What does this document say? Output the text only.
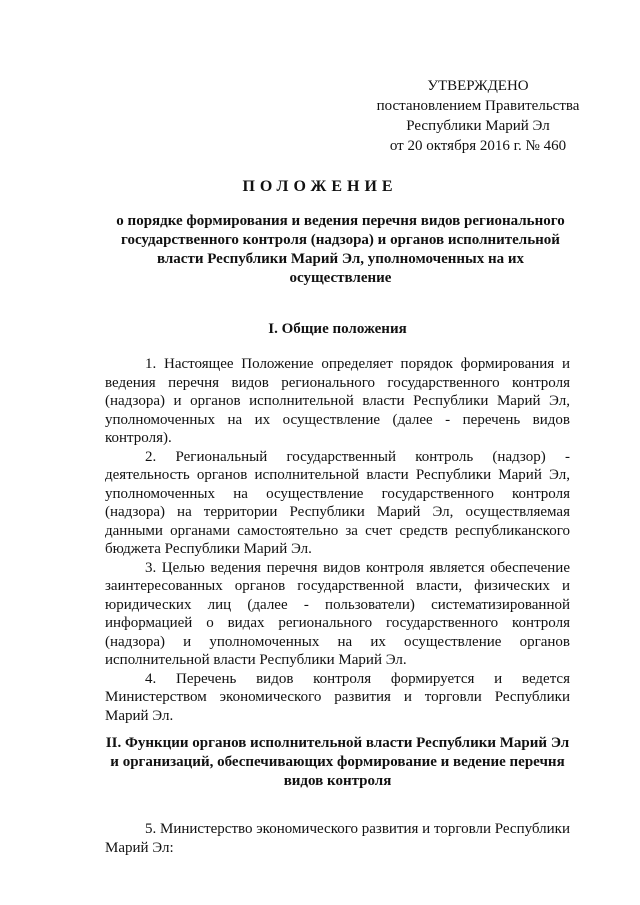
УТВЕРЖДЕНО
постановлением Правительства
Республики Марий Эл
от 20 октября 2016 г. № 460
ПОЛОЖЕНИЕ
о порядке формирования и ведения перечня видов регионального государственного контроля (надзора) и органов исполнительной власти Республики Марий Эл, уполномоченных на их осуществление
I. Общие положения

1. Настоящее Положение определяет порядок формирования и ведения перечня видов регионального государственного контроля (надзора) и органов исполнительной власти Республики Марий Эл, уполномоченных на их осуществление (далее - перечень видов контроля).

2. Региональный государственный контроль (надзор) - деятельность органов исполнительной власти Республики Марий Эл, уполномоченных на осуществление государственного контроля (надзора) на территории Республики Марий Эл, осуществляемая данными органами самостоятельно за счет средств республиканского бюджета Республики Марий Эл.

3. Целью ведения перечня видов контроля является обеспечение заинтересованных органов государственной власти, физических и юридических лиц (далее - пользователи) систематизированной информацией о видах регионального государственного контроля (надзора) и уполномоченных на их осуществление органов исполнительной власти Республики Марий Эл.

4. Перечень видов контроля формируется и ведется Министерством экономического развития и торговли Республики Марий Эл.

II. Функции органов исполнительной власти Республики Марий Эл и организаций, обеспечивающих формирование и ведение перечня видов контроля

5. Министерство экономического развития и торговли Республики Марий Эл:
